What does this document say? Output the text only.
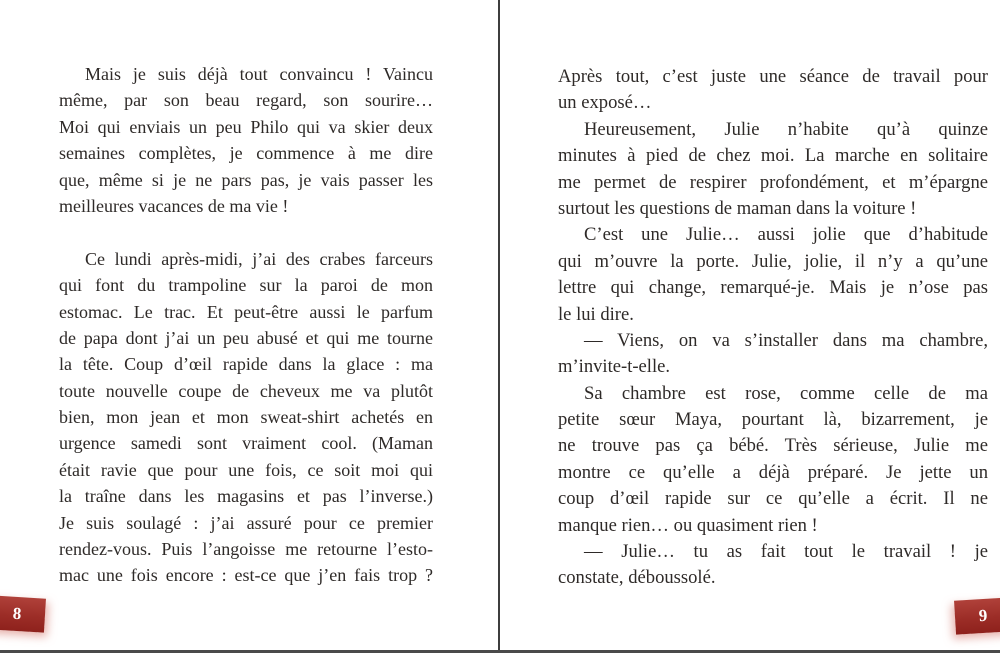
Mais je suis déjà tout convaincu ! Vaincu
même, par son beau regard, son sourire…
Moi qui enviais un peu Philo qui va skier deux
semaines complètes, je commence à me dire
que, même si je ne pars pas, je vais passer les
meilleures vacances de ma vie !
Ce lundi après-midi, j’ai des crabes farceurs
qui font du trampoline sur la paroi de mon
estomac. Le trac. Et peut-être aussi le parfum
de papa dont j’ai un peu abusé et qui me tourne
la tête. Coup d’œil rapide dans la glace : ma
toute nouvelle coupe de cheveux me va plutôt
bien, mon jean et mon sweat-shirt achetés en
urgence samedi sont vraiment cool. (Maman
était ravie que pour une fois, ce soit moi qui
la traîne dans les magasins et pas l’inverse.)
Je suis soulagé : j’ai assuré pour ce premier
rendez-vous. Puis l’angoisse me retourne l’esto-
mac une fois encore : est-ce que j’en fais trop ?
Après tout, c’est juste une séance de travail pour
un exposé…
Heureusement, Julie n’habite qu’à quinze
minutes à pied de chez moi. La marche en solitaire
me permet de respirer profondément, et m’épargne
surtout les questions de maman dans la voiture !
C’est une Julie… aussi jolie que d’habitude
qui m’ouvre la porte. Julie, jolie, il n’y a qu’une
lettre qui change, remarqué-je. Mais je n’ose pas
le lui dire.
— Viens, on va s’installer dans ma chambre,
m’invite-t-elle.
Sa chambre est rose, comme celle de ma
petite sœur Maya, pourtant là, bizarrement, je
ne trouve pas ça bébé. Très sérieuse, Julie me
montre ce qu’elle a déjà préparé. Je jette un
coup d’œil rapide sur ce qu’elle a écrit. Il ne
manque rien… ou quasiment rien !
— Julie… tu as fait tout le travail ! je
constate, déboussolé.
8	9
